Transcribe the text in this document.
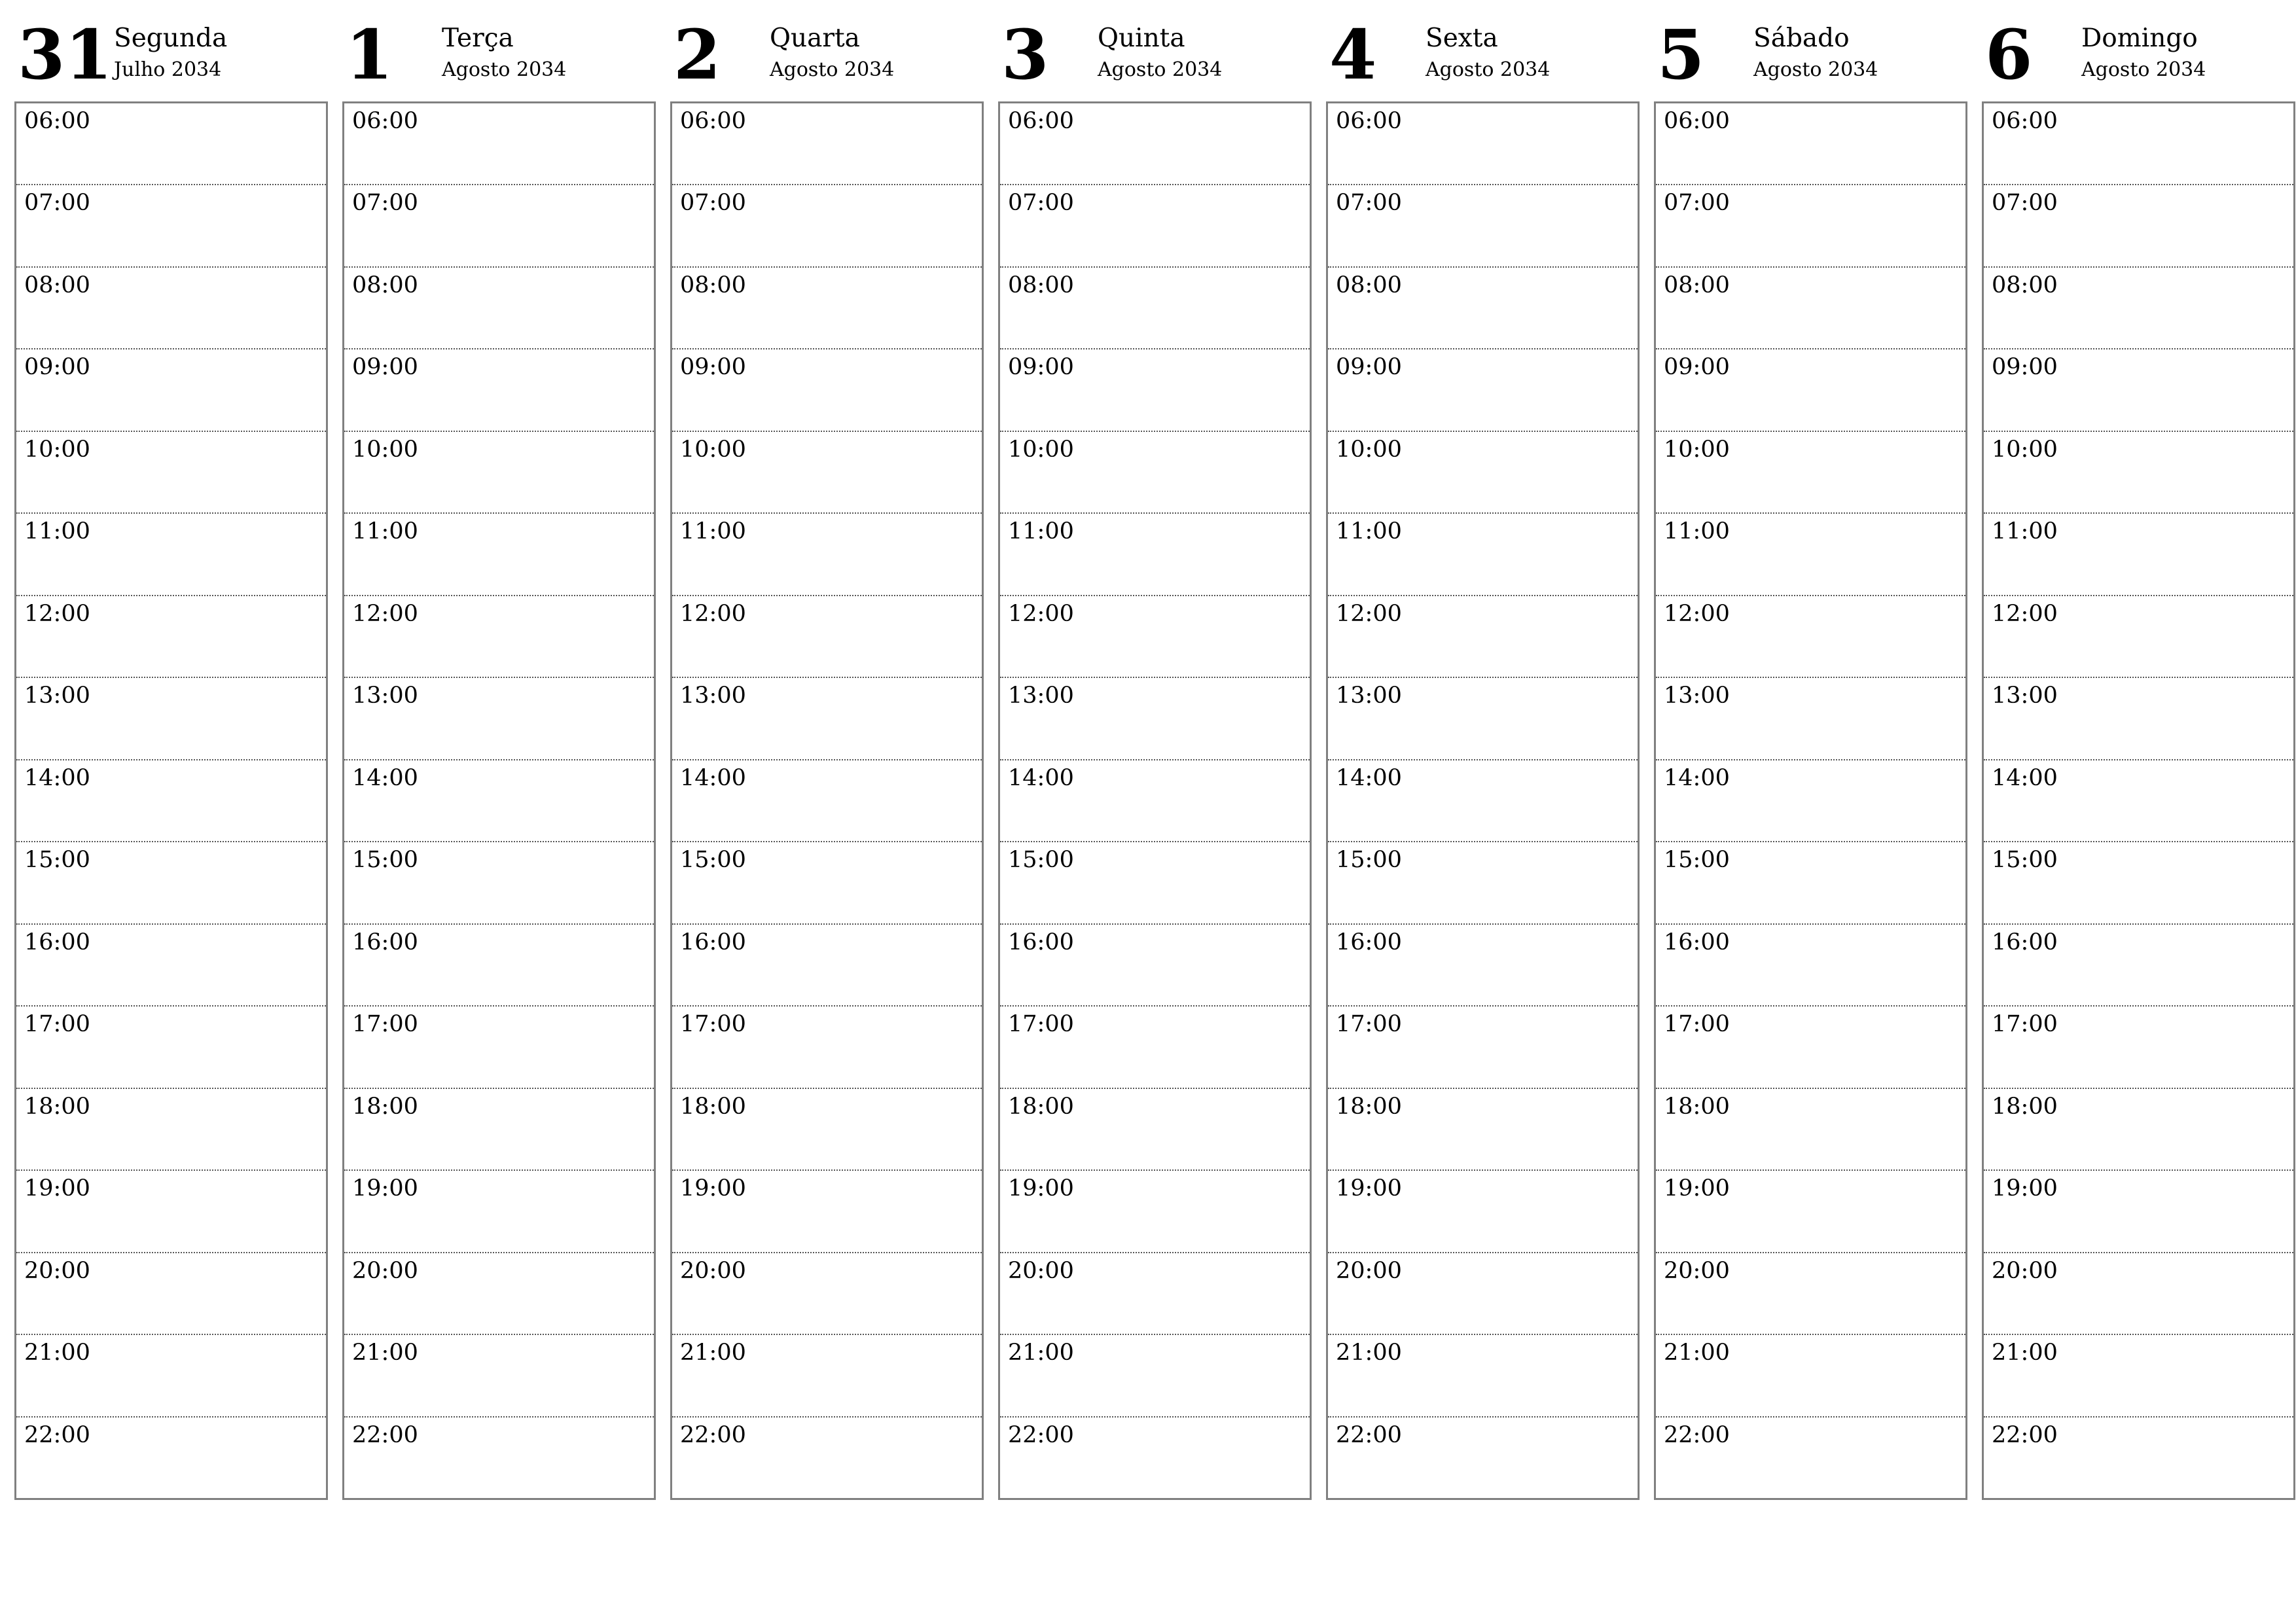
31 Segunda
Julho 2034
06:00
07:00
08:00
09:00
10:00
11:00
12:00
13:00
14:00
15:00
16:00
17:00
18:00
19:00
20:00
21:00
22:00
1	Terça
Agosto 2034
06:00
07:00
08:00
09:00
10:00
11:00
12:00
13:00
14:00
15:00
16:00
17:00
18:00
19:00
20:00
21:00
22:00
2	Quarta
Agosto 2034
06:00
07:00
08:00
09:00
10:00
11:00
12:00
13:00
14:00
15:00
16:00
17:00
18:00
19:00
20:00
21:00
22:00
3	Quinta
Agosto 2034
06:00
07:00
08:00
09:00
10:00
11:00
12:00
13:00
14:00
15:00
16:00
17:00
18:00
19:00
20:00
21:00
22:00
4	Sexta
Agosto 2034
06:00
07:00
08:00
09:00
10:00
11:00
12:00
13:00
14:00
15:00
16:00
17:00
18:00
19:00
20:00
21:00
22:00
5	Sábado
Agosto 2034
06:00
07:00
08:00
09:00
10:00
11:00
12:00
13:00
14:00
15:00
16:00
17:00
18:00
19:00
20:00
21:00
22:00
6	Domingo
Agosto 2034
06:00
07:00
08:00
09:00
10:00
11:00
12:00
13:00
14:00
15:00
16:00
17:00
18:00
19:00
20:00
21:00
22:00
